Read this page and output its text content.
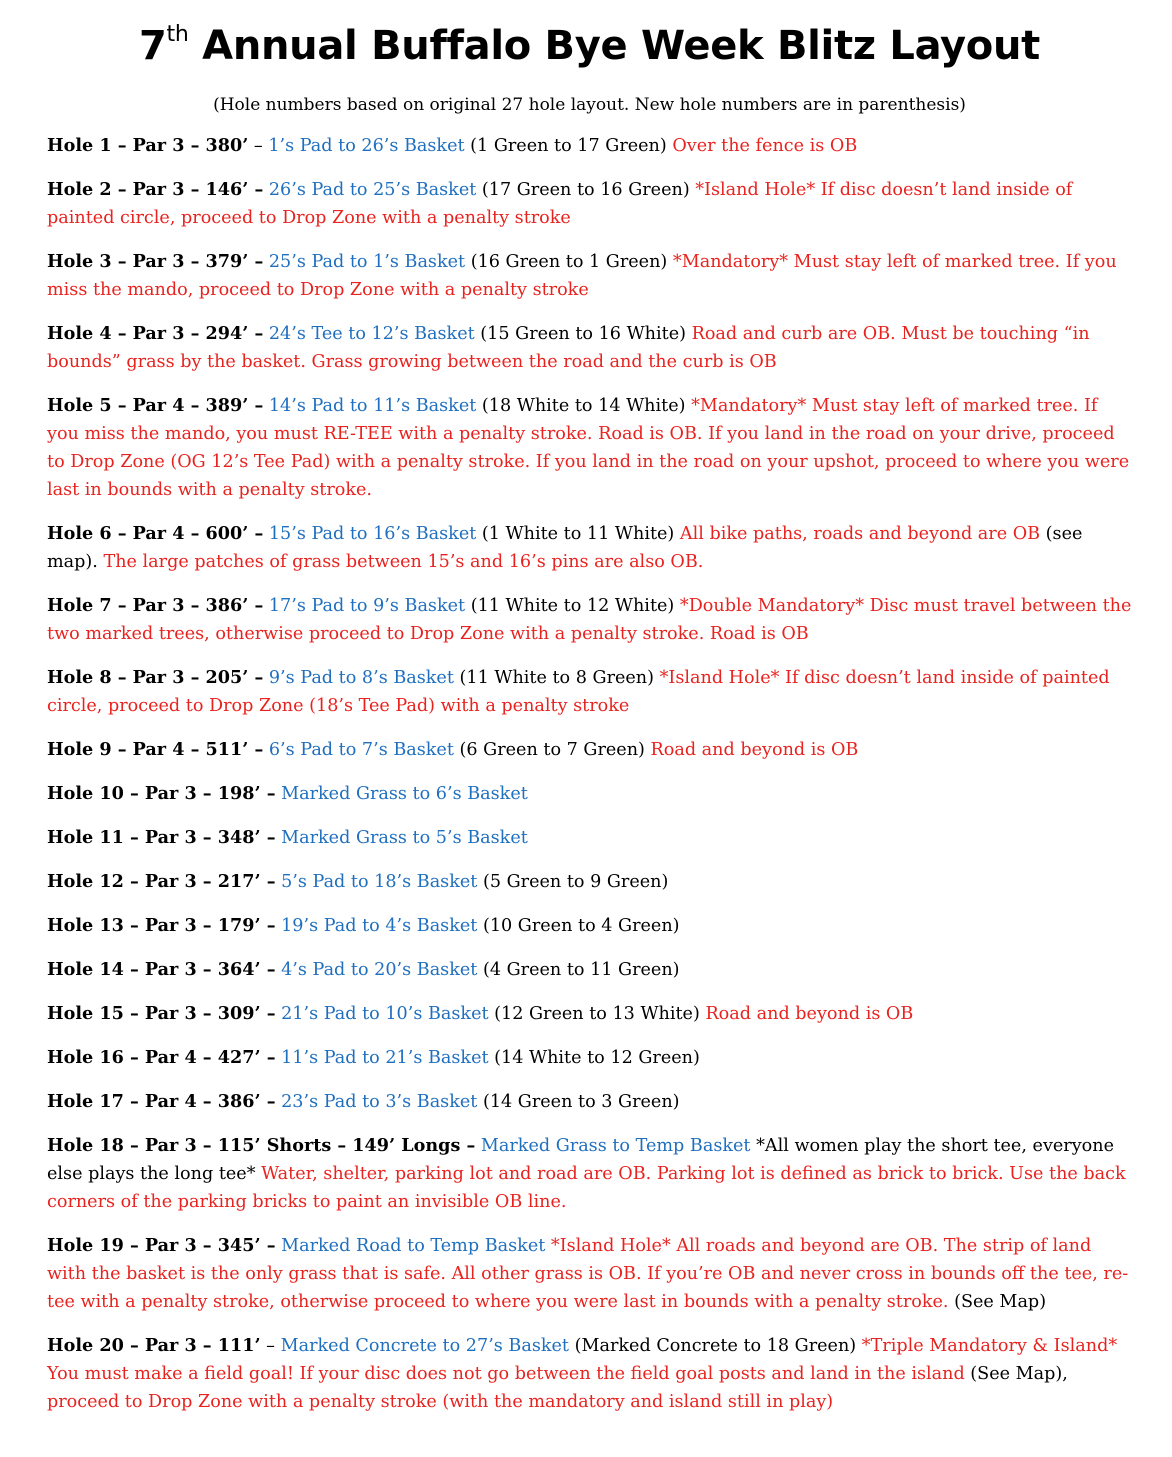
7th Annual Buffalo Bye Week Blitz Layout
(Hole numbers based on original 27 hole layout. New hole numbers are in parenthesis)

Hole 1 – Par 3 – 380’ – 1’s Pad to 26’s Basket (1 Green to 17 Green) Over the fence is OB

Hole 2 – Par 3 – 146’ – 26’s Pad to 25’s Basket (17 Green to 16 Green) *Island Hole* If disc doesn’t land inside of painted circle, proceed to Drop Zone with a penalty stroke

Hole 3 – Par 3 – 379’ – 25’s Pad to 1’s Basket (16 Green to 1 Green) *Mandatory* Must stay left of marked tree. If you miss the mando, proceed to Drop Zone with a penalty stroke

Hole 4 – Par 3 – 294’ – 24’s Tee to 12’s Basket (15 Green to 16 White) Road and curb are OB. Must be touching “in bounds” grass by the basket. Grass growing between the road and the curb is OB

Hole 5 – Par 4 – 389’ – 14’s Pad to 11’s Basket (18 White to 14 White) *Mandatory* Must stay left of marked tree. If you miss the mando, you must RE-TEE with a penalty stroke. Road is OB. If you land in the road on your drive, proceed to Drop Zone (OG 12’s Tee Pad) with a penalty stroke. If you land in the road on your upshot, proceed to where you were last in bounds with a penalty stroke.

Hole 6 – Par 4 – 600’ – 15’s Pad to 16’s Basket (1 White to 11 White) All bike paths, roads and beyond are OB (see map). The large patches of grass between 15’s and 16’s pins are also OB.

Hole 7 – Par 3 – 386’ – 17’s Pad to 9’s Basket (11 White to 12 White) *Double Mandatory* Disc must travel between the two marked trees, otherwise proceed to Drop Zone with a penalty stroke. Road is OB

Hole 8 – Par 3 – 205’ – 9’s Pad to 8’s Basket (11 White to 8 Green) *Island Hole* If disc doesn’t land inside of painted circle, proceed to Drop Zone (18’s Tee Pad) with a penalty stroke

Hole 9 – Par 4 – 511’ – 6’s Pad to 7’s Basket (6 Green to 7 Green) Road and beyond is OB

Hole 10 – Par 3 – 198’ – Marked Grass to 6’s Basket

Hole 11 – Par 3 – 348’ – Marked Grass to 5’s Basket

Hole 12 – Par 3 – 217’ – 5’s Pad to 18’s Basket (5 Green to 9 Green)

Hole 13 – Par 3 – 179’ – 19’s Pad to 4’s Basket (10 Green to 4 Green)

Hole 14 – Par 3 – 364’ – 4’s Pad to 20’s Basket (4 Green to 11 Green)

Hole 15 – Par 3 – 309’ – 21’s Pad to 10’s Basket (12 Green to 13 White) Road and beyond is OB

Hole 16 – Par 4 – 427’ – 11’s Pad to 21’s Basket (14 White to 12 Green)

Hole 17 – Par 4 – 386’ – 23’s Pad to 3’s Basket (14 Green to 3 Green)

Hole 18 – Par 3 – 115’ Shorts – 149’ Longs – Marked Grass to Temp Basket *All women play the short tee, everyone else plays the long tee* Water, shelter, parking lot and road are OB. Parking lot is defined as brick to brick. Use the back corners of the parking bricks to paint an invisible OB line.

Hole 19 – Par 3 – 345’ – Marked Road to Temp Basket *Island Hole* All roads and beyond are OB. The strip of land with the basket is the only grass that is safe. All other grass is OB. If you’re OB and never cross in bounds off the tee, re-tee with a penalty stroke, otherwise proceed to where you were last in bounds with a penalty stroke. (See Map)

Hole 20 – Par 3 – 111’ – Marked Concrete to 27’s Basket (Marked Concrete to 18 Green) *Triple Mandatory & Island* You must make a field goal! If your disc does not go between the field goal posts and land in the island (See Map), proceed to Drop Zone with a penalty stroke (with the mandatory and island still in play)
